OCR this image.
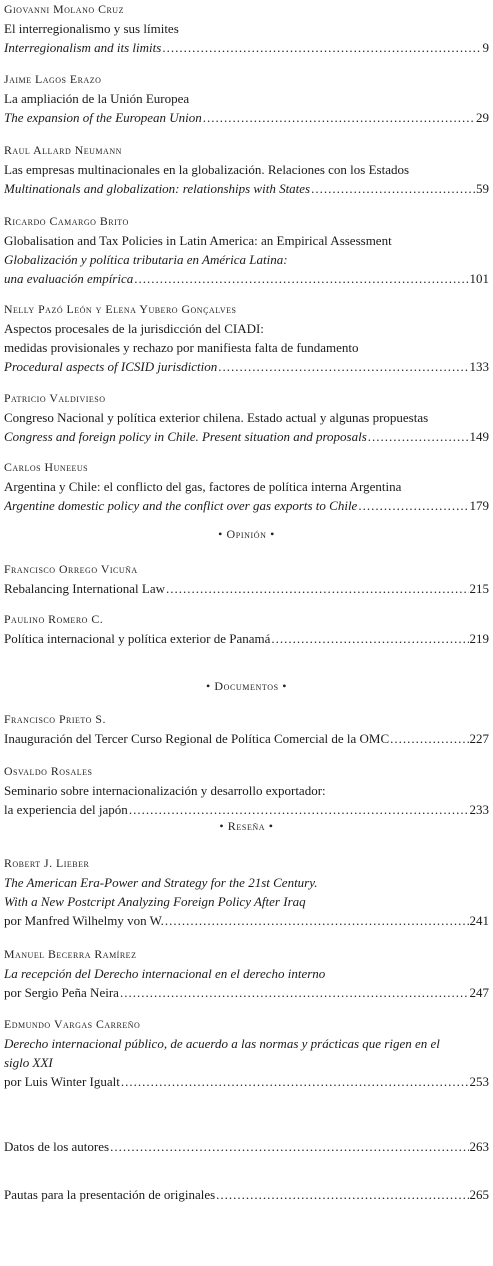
Giovanni Molano Cruz
El interregionalismo y sus límites
Interregionalism and its limits .....	9
Jaime Lagos Erazo
La ampliación de la Unión Europea
The expansion of the European Union .....	29
Raul Allard Neumann
Las empresas multinacionales en la globalización. Relaciones con los Estados
Multinationals and globalization: relationships with States .....	59
Ricardo Camargo Brito
Globalisation and Tax Policies in Latin America: an Empirical Assessment
Globalización y política tributaria en América Latina:
una evaluación empírica .....	101
Nelly Pazó León y Elena Yubero Gonçalves
Aspectos procesales de la jurisdicción del CIADI:
medidas provisionales y rechazo por manifiesta falta de fundamento
Procedural aspects of ICSID jurisdiction .....	133
Patricio Valdivieso
Congreso Nacional y política exterior chilena. Estado actual y algunas propuestas
Congress and foreign policy in Chile. Present situation and proposals .....	149
Carlos Huneeus
Argentina y Chile: el conflicto del gas, factores de política interna Argentina
Argentine domestic policy and the conflict over gas exports to Chile .....	179
Francisco Orrego Vicuña
Rebalancing International Law .....	215
Paulino Romero C.
Política internacional y política exterior de Panamá .....	219
Francisco Prieto S.
Inauguración del Tercer Curso Regional de Política Comercial de la OMC .....	227
Osvaldo Rosales
Seminario sobre internacionalización y desarrollo exportador:
la experiencia del japón .....	233
Robert J. Lieber
The American Era-Power and Strategy for the 21st Century.
With a New Postcript Analyzing Foreign Policy After Iraq
por Manfred Wilhelmy von W. .....	241
Manuel Becerra Ramírez
La recepción del Derecho internacional en el derecho interno
por Sergio Peña Neira .....	247
Edmundo Vargas Carreño
Derecho internacional público, de acuerdo a las normas y prácticas que rigen en el
siglo XXI
por Luis Winter Igualt .....	253
Datos de los autores .....	263
Pautas para la presentación de originales .....	265
• Opinión •
• Documentos •
• Reseña •
